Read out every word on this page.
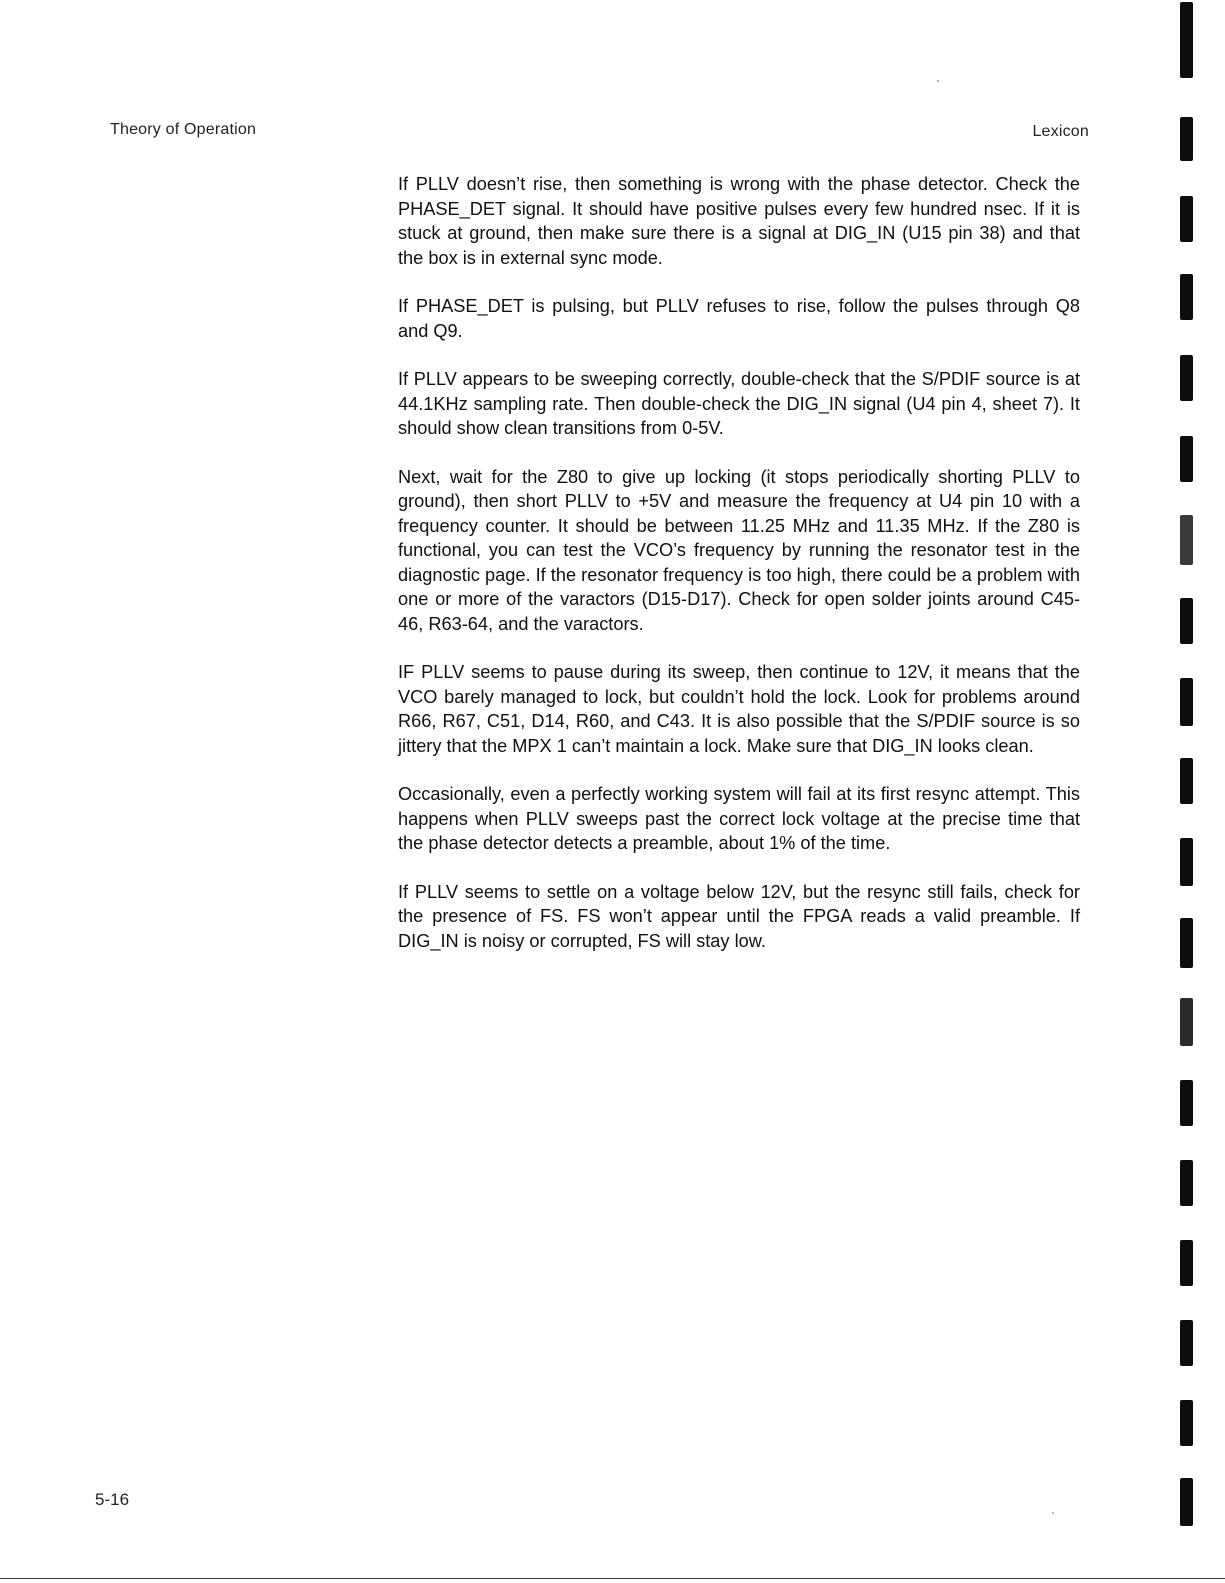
Theory of Operation	Lexicon

If PLLV doesn’t rise, then something is wrong with the phase detector. Check the PHASE_DET signal. It should have positive pulses every few hundred nsec. If it is stuck at ground, then make sure there is a signal at DIG_IN (U15 pin 38) and that the box is in external sync mode.

If PHASE_DET is pulsing, but PLLV refuses to rise, follow the pulses through Q8 and Q9.

If PLLV appears to be sweeping correctly, double-check that the S/PDIF source is at 44.1KHz sampling rate. Then double-check the DIG_IN signal (U4 pin 4, sheet 7). It should show clean transitions from 0-5V.

Next, wait for the Z80 to give up locking (it stops periodically shorting PLLV to ground), then short PLLV to +5V and measure the frequency at U4 pin 10 with a frequency counter. It should be between 11.25 MHz and 11.35 MHz. If the Z80 is functional, you can test the VCO’s frequency by running the resonator test in the diagnostic page. If the resonator frequency is too high, there could be a problem with one or more of the varactors (D15-D17). Check for open solder joints around C45-46, R63-64, and the varactors.

IF PLLV seems to pause during its sweep, then continue to 12V, it means that the VCO barely managed to lock, but couldn’t hold the lock. Look for problems around R66, R67, C51, D14, R60, and C43. It is also possible that the S/PDIF source is so jittery that the MPX 1 can’t maintain a lock. Make sure that DIG_IN looks clean.

Occasionally, even a perfectly working system will fail at its first resync attempt. This happens when PLLV sweeps past the correct lock voltage at the precise time that the phase detector detects a preamble, about 1% of the time.

If PLLV seems to settle on a voltage below 12V, but the resync still fails, check for the presence of FS. FS won’t appear until the FPGA reads a valid preamble. If DIG_IN is noisy or corrupted, FS will stay low.

5-16
